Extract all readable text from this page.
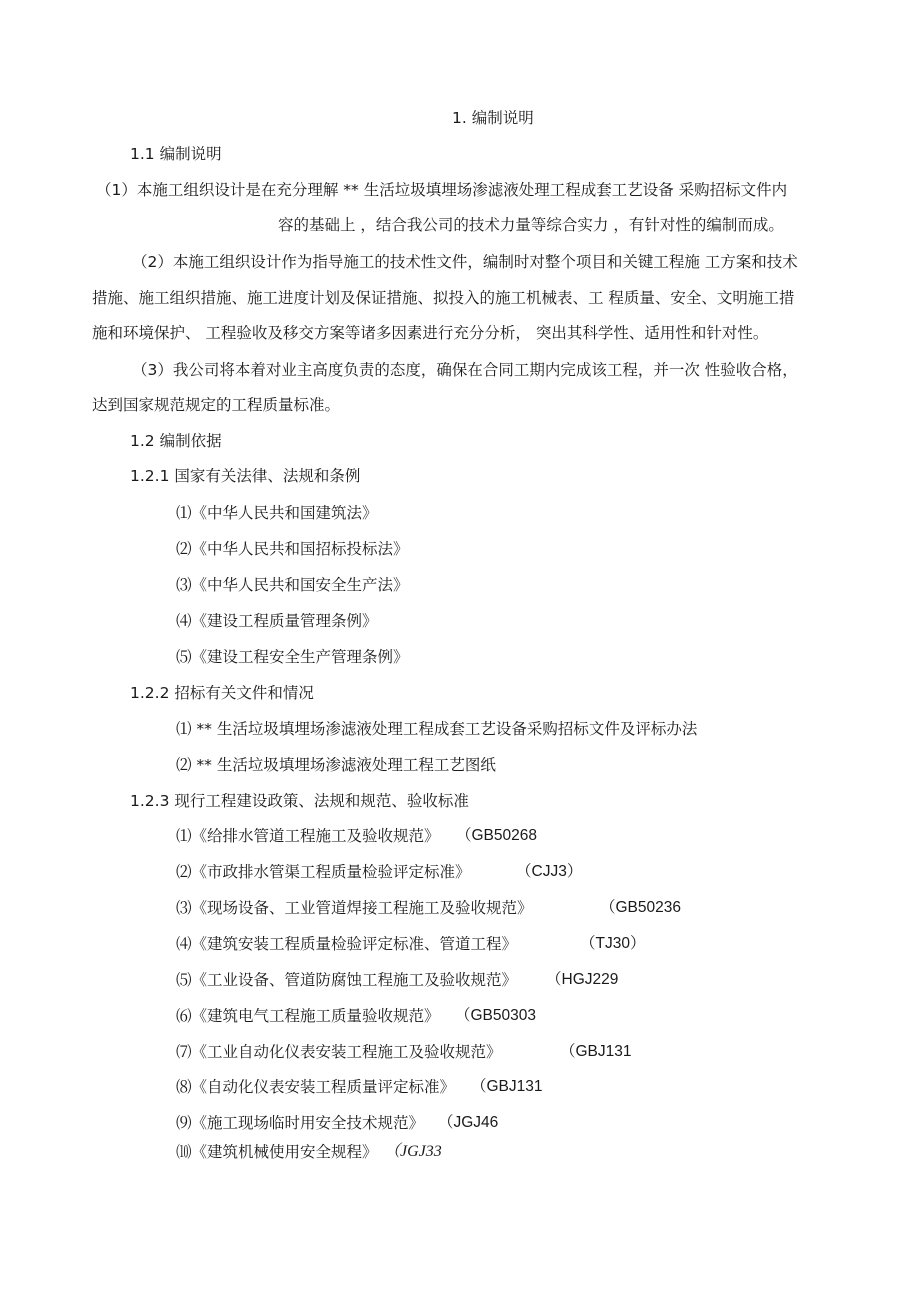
1. 编制说明
1.1 编制说明
（1）本施工组织设计是在充分理解 ** 生活垃圾填埋场渗滤液处理工程成套工艺设备 采购招标文件内
容的基础上 ，结合我公司的技术力量等综合实力 ，有针对性的编制而成。
（2）本施工组织设计作为指导施工的技术性文件，编制时对整个项目和关键工程施 工方案和技术
措施、施工组织措施、施工进度计划及保证措施、拟投入的施工机械表、工 程质量、安全、文明施工措
施和环境保护、 工程验收及移交方案等诸多因素进行充分分析， 突出其科学性、适用性和针对性。
（3）我公司将本着对业主高度负责的态度，确保在合同工期内完成该工程，并一次 性验收合格，
达到国家规范规定的工程质量标准。
1.2 编制依据
1.2.1 国家有关法律、法规和条例
⑴《中华人民共和国建筑法》
⑵《中华人民共和国招标投标法》
⑶《中华人民共和国安全生产法》
⑷《建设工程质量管理条例》
⑸《建设工程安全生产管理条例》
1.2.2 招标有关文件和情况
⑴ ** 生活垃圾填埋场渗滤液处理工程成套工艺设备采购招标文件及评标办法
⑵ ** 生活垃圾填埋场渗滤液处理工程工艺图纸
1.2.3 现行工程建设政策、法规和规范、验收标准
⑴《给排水管道工程施工及验收规范》 （GB50268
⑵《市政排水管渠工程质量检验评定标准》	（CJJ3）
⑶《现场设备、工业管道焊接工程施工及验收规范》	（GB50236
⑷《建筑安装工程质量检验评定标准、管道工程》	（TJ30）
⑸《工业设备、管道防腐蚀工程施工及验收规范》 （HGJ229
⑹《建筑电气工程施工质量验收规范》 （GB50303
⑺《工业自动化仪表安装工程施工及验收规范》	（GBJ131
⑻《自动化仪表安装工程质量评定标准》 （GBJ131
⑼《施工现场临时用安全技术规范》 （JGJ46
⑽《建筑机械使用安全规程》 （JGJ33
